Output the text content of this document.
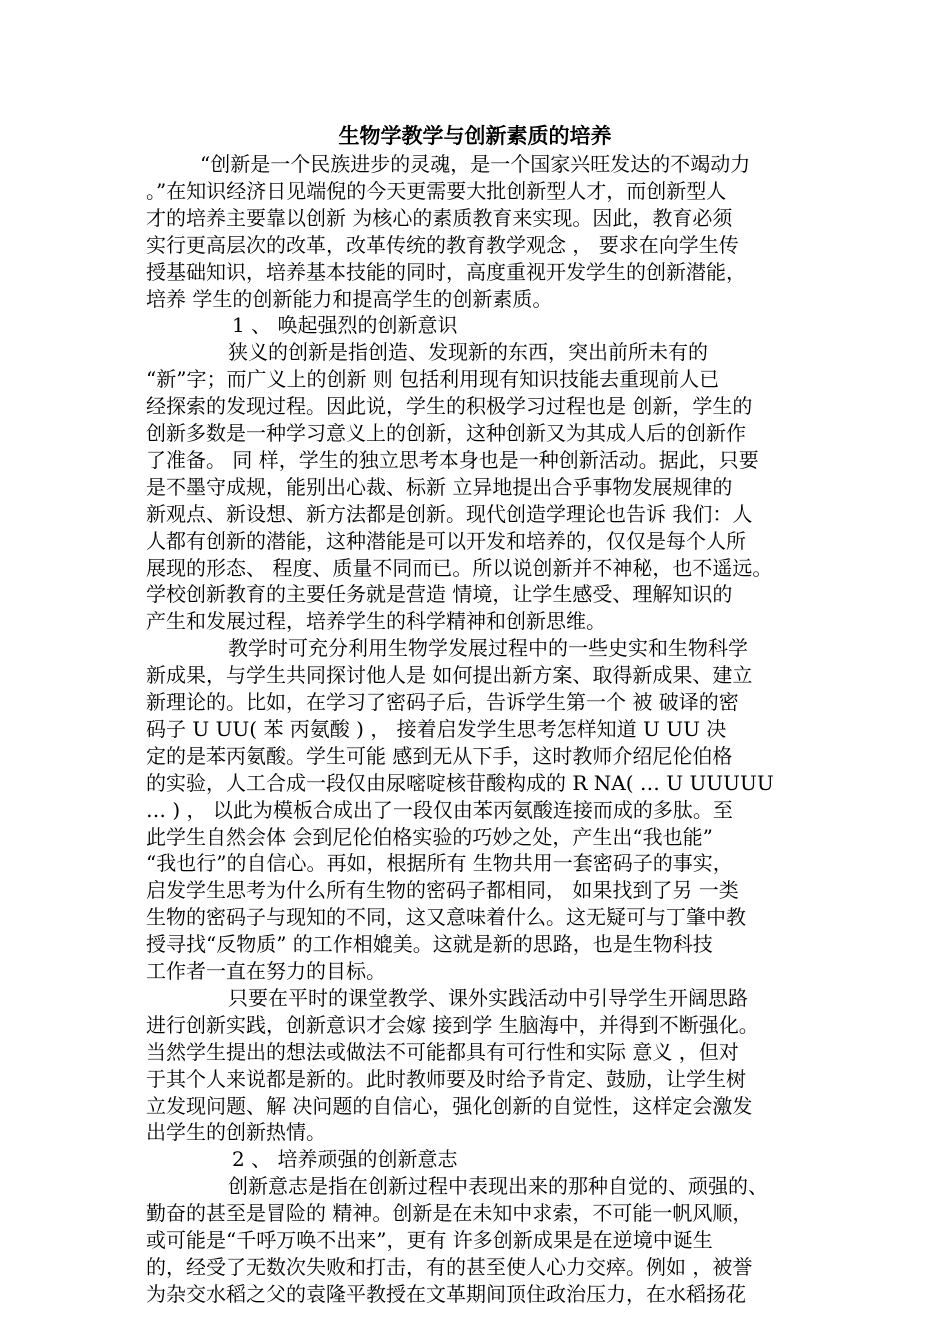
生物学教学与创新素质的培养
“创新是一个民族进步的灵魂，是一个国家兴旺发达的不竭动力
。”在知识经济日见端倪的今天更需要大批创新型人才，而创新型人
才的培养主要靠以创新 为核心的素质教育来实现。因此，教育必须
实行更高层次的改革，改革传统的教育教学观念 ， 要求在向学生传
授基础知识，培养基本技能的同时，高度重视开发学生的创新潜能，
培养 学生的创新能力和提高学生的创新素质。
1 、 唤起强烈的创新意识
狭义的创新是指创造、发现新的东西，突出前所未有的
“新”字；而广义上的创新 则 包括利用现有知识技能去重现前人已
经探索的发现过程。因此说，学生的积极学习过程也是 创新，学生的
创新多数是一种学习意义上的创新，这种创新又为其成人后的创新作
了准备。 同 样，学生的独立思考本身也是一种创新活动。据此，只要
是不墨守成规，能别出心裁、标新 立异地提出合乎事物发展规律的
新观点、新设想、新方法都是创新。现代创造学理论也告诉 我们：人
人都有创新的潜能，这种潜能是可以开发和培养的，仅仅是每个人所
展现的形态、 程度、质量不同而已。所以说创新并不神秘，也不遥远。
学校创新教育的主要任务就是营造 情境，让学生感受、理解知识的
产生和发展过程，培养学生的科学精神和创新思维。
教学时可充分利用生物学发展过程中的一些史实和生物科学
新成果，与学生共同探讨他人是 如何提出新方案、取得新成果、建立
新理论的。比如，在学习了密码子后，告诉学生第一个 被 破译的密
码子 U UU( 苯 丙氨酸 ) ， 接着启发学生思考怎样知道 U UU 决
定的是苯丙氨酸。学生可能 感到无从下手，这时教师介绍尼伦伯格
的实验，人工合成一段仅由尿嘧啶核苷酸构成的 R NA( … U UUUUU
… ) ， 以此为模板合成出了一段仅由苯丙氨酸连接而成的多肽。至
此学生自然会体 会到尼伦伯格实验的巧妙之处，产生出“我也能”
“我也行”的自信心。再如，根据所有 生物共用一套密码子的事实，
启发学生思考为什么所有生物的密码子都相同， 如果找到了另 一类
生物的密码子与现知的不同，这又意味着什么。这无疑可与丁肇中教
授寻找“反物质” 的工作相媲美。这就是新的思路，也是生物科技
工作者一直在努力的目标。
只要在平时的课堂教学、课外实践活动中引导学生开阔思路
进行创新实践，创新意识才会嫁 接到学 生脑海中，并得到不断强化。
当然学生提出的想法或做法不可能都具有可行性和实际 意义 ，但对
于其个人来说都是新的。此时教师要及时给予肯定、鼓励，让学生树
立发现问题、解 决问题的自信心，强化创新的自觉性，这样定会激发
出学生的创新热情。
2 、 培养顽强的创新意志
创新意志是指在创新过程中表现出来的那种自觉的、顽强的、
勤奋的甚至是冒险的 精神。创新是在未知中求索，不可能一帆风顺，
或可能是“千呼万唤不出来”，更有 许多创新成果是在逆境中诞生
的，经受了无数次失败和打击，有的甚至使人心力交瘁。例如 ，被誉
为杂交水稻之父的袁隆平教授在文革期间顶住政治压力，在水稻扬花
